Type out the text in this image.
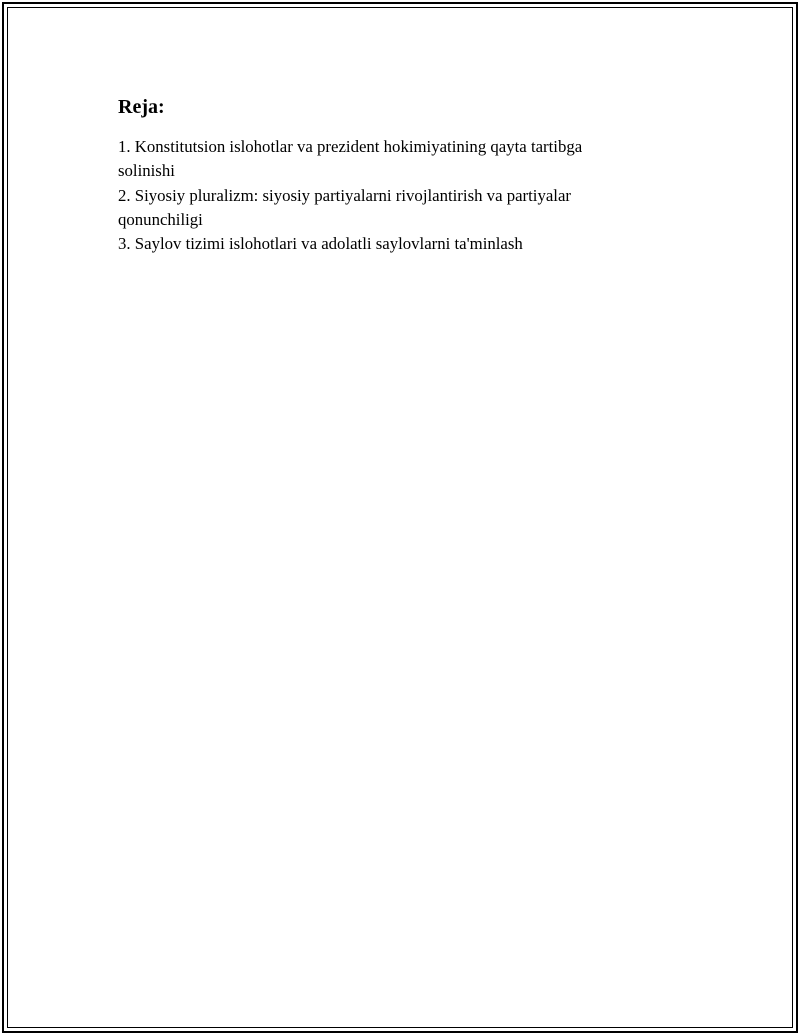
Reja:
1. Konstitutsion islohotlar va prezident hokimiyatining qayta tartibga solinishi
2. Siyosiy pluralizm: siyosiy partiyalarni rivojlantirish va partiyalar qonunchiligi
3. Saylov tizimi islohotlari va adolatli saylovlarni ta'minlash
